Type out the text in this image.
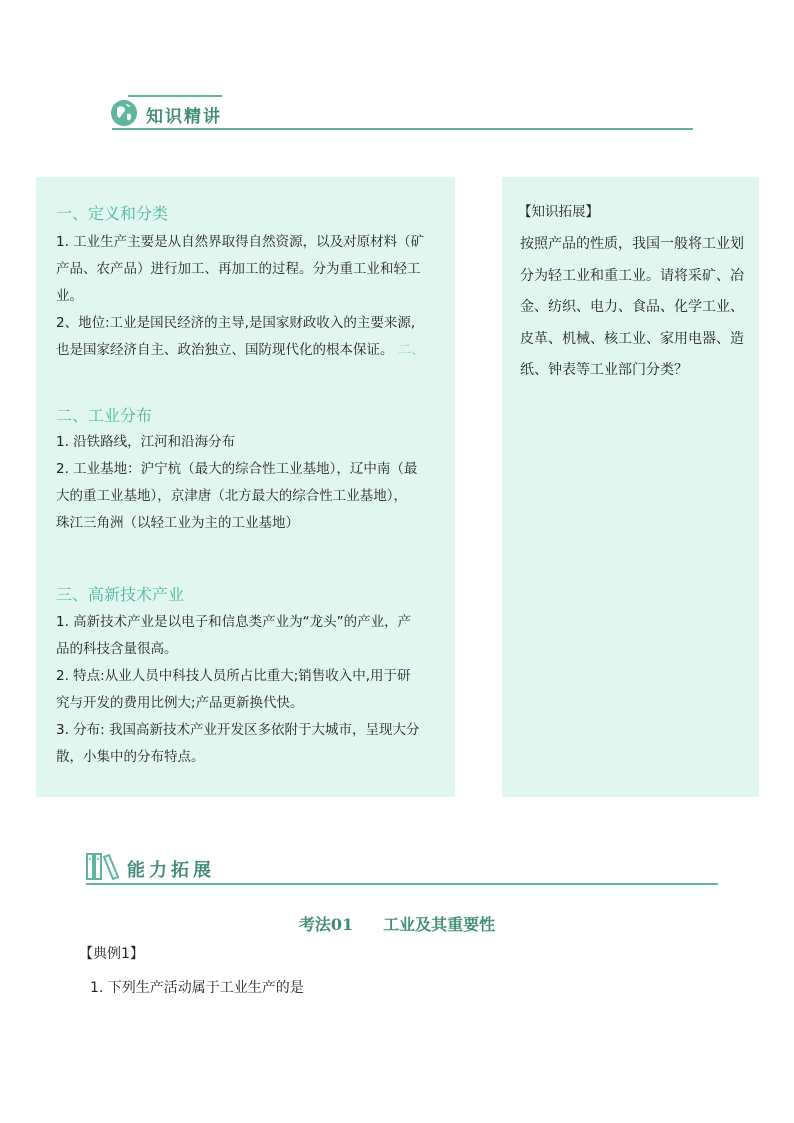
知识精讲
一、定义和分类
1. 工业生产主要是从自然界取得自然资源，以及对原材料（矿
产品、农产品）进行加工、再加工的过程。分为重工业和轻工
业。
2、地位:工业是国民经济的主导,是国家财政收入的主要来源,
也是国家经济自主、政治独立、国防现代化的根本保证。 二、
二、工业分布
1. 沿铁路线，江河和沿海分布
2. 工业基地：沪宁杭（最大的综合性工业基地），辽中南（最
大的重工业基地），京津唐（北方最大的综合性工业基地），
珠江三角洲（以轻工业为主的工业基地）
三、高新技术产业
1. 高新技术产业是以电子和信息类产业为“龙头”的产业，产
品的科技含量很高。
2. 特点:从业人员中科技人员所占比重大;销售收入中,用于研
究与开发的费用比例大;产品更新换代快。
3. 分布: 我国高新技术产业开发区多依附于大城市，呈现大分
散，小集中的分布特点。
【知识拓展】
按照产品的性质，我国一般将工业划
分为轻工业和重工业。请将采矿、冶
金、纺织、电力、食品、化学工业、
皮革、机械、核工业、家用电器、造
纸、钟表等工业部门分类？
能力拓展
考法01 工业及其重要性
【典例1】
1. 下列生产活动属于工业生产的是
